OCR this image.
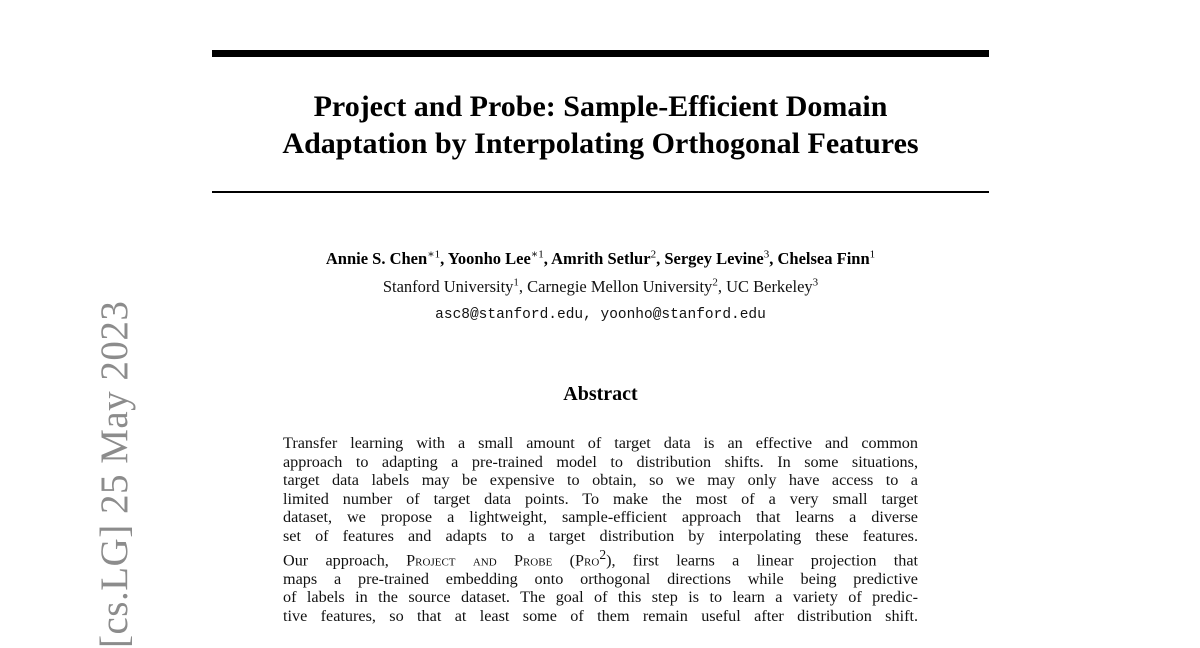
[cs.LG] 25 May 2023
Project and Probe: Sample-Efficient Domain
Adaptation by Interpolating Orthogonal Features
Annie S. Chen$^{∗1}$, Yoonho Lee$^{∗1}$, Amrith Setlur$^2$, Sergey Levine$^3$, Chelsea Finn$^1$
Stanford University$^1$, Carnegie Mellon University$^2$, UC Berkeley$^3$
asc8@stanford.edu, yoonho@stanford.edu
Abstract
Transfer learning with a small amount of target data is an effective and common
approach to adapting a pre-trained model to distribution shifts. In some situations,
target data labels may be expensive to obtain, so we may only have access to a
limited number of target data points. To make the most of a very small target
dataset, we propose a lightweight, sample-efficient approach that learns a diverse
set of features and adapts to a target distribution by interpolating these features.
Our approach, Project and Probe (Pro$^2$), first learns a linear projection that
maps a pre-trained embedding onto orthogonal directions while being predictive
of labels in the source dataset. The goal of this step is to learn a variety of predic-
tive features, so that at least some of them remain useful after distribution shift.
